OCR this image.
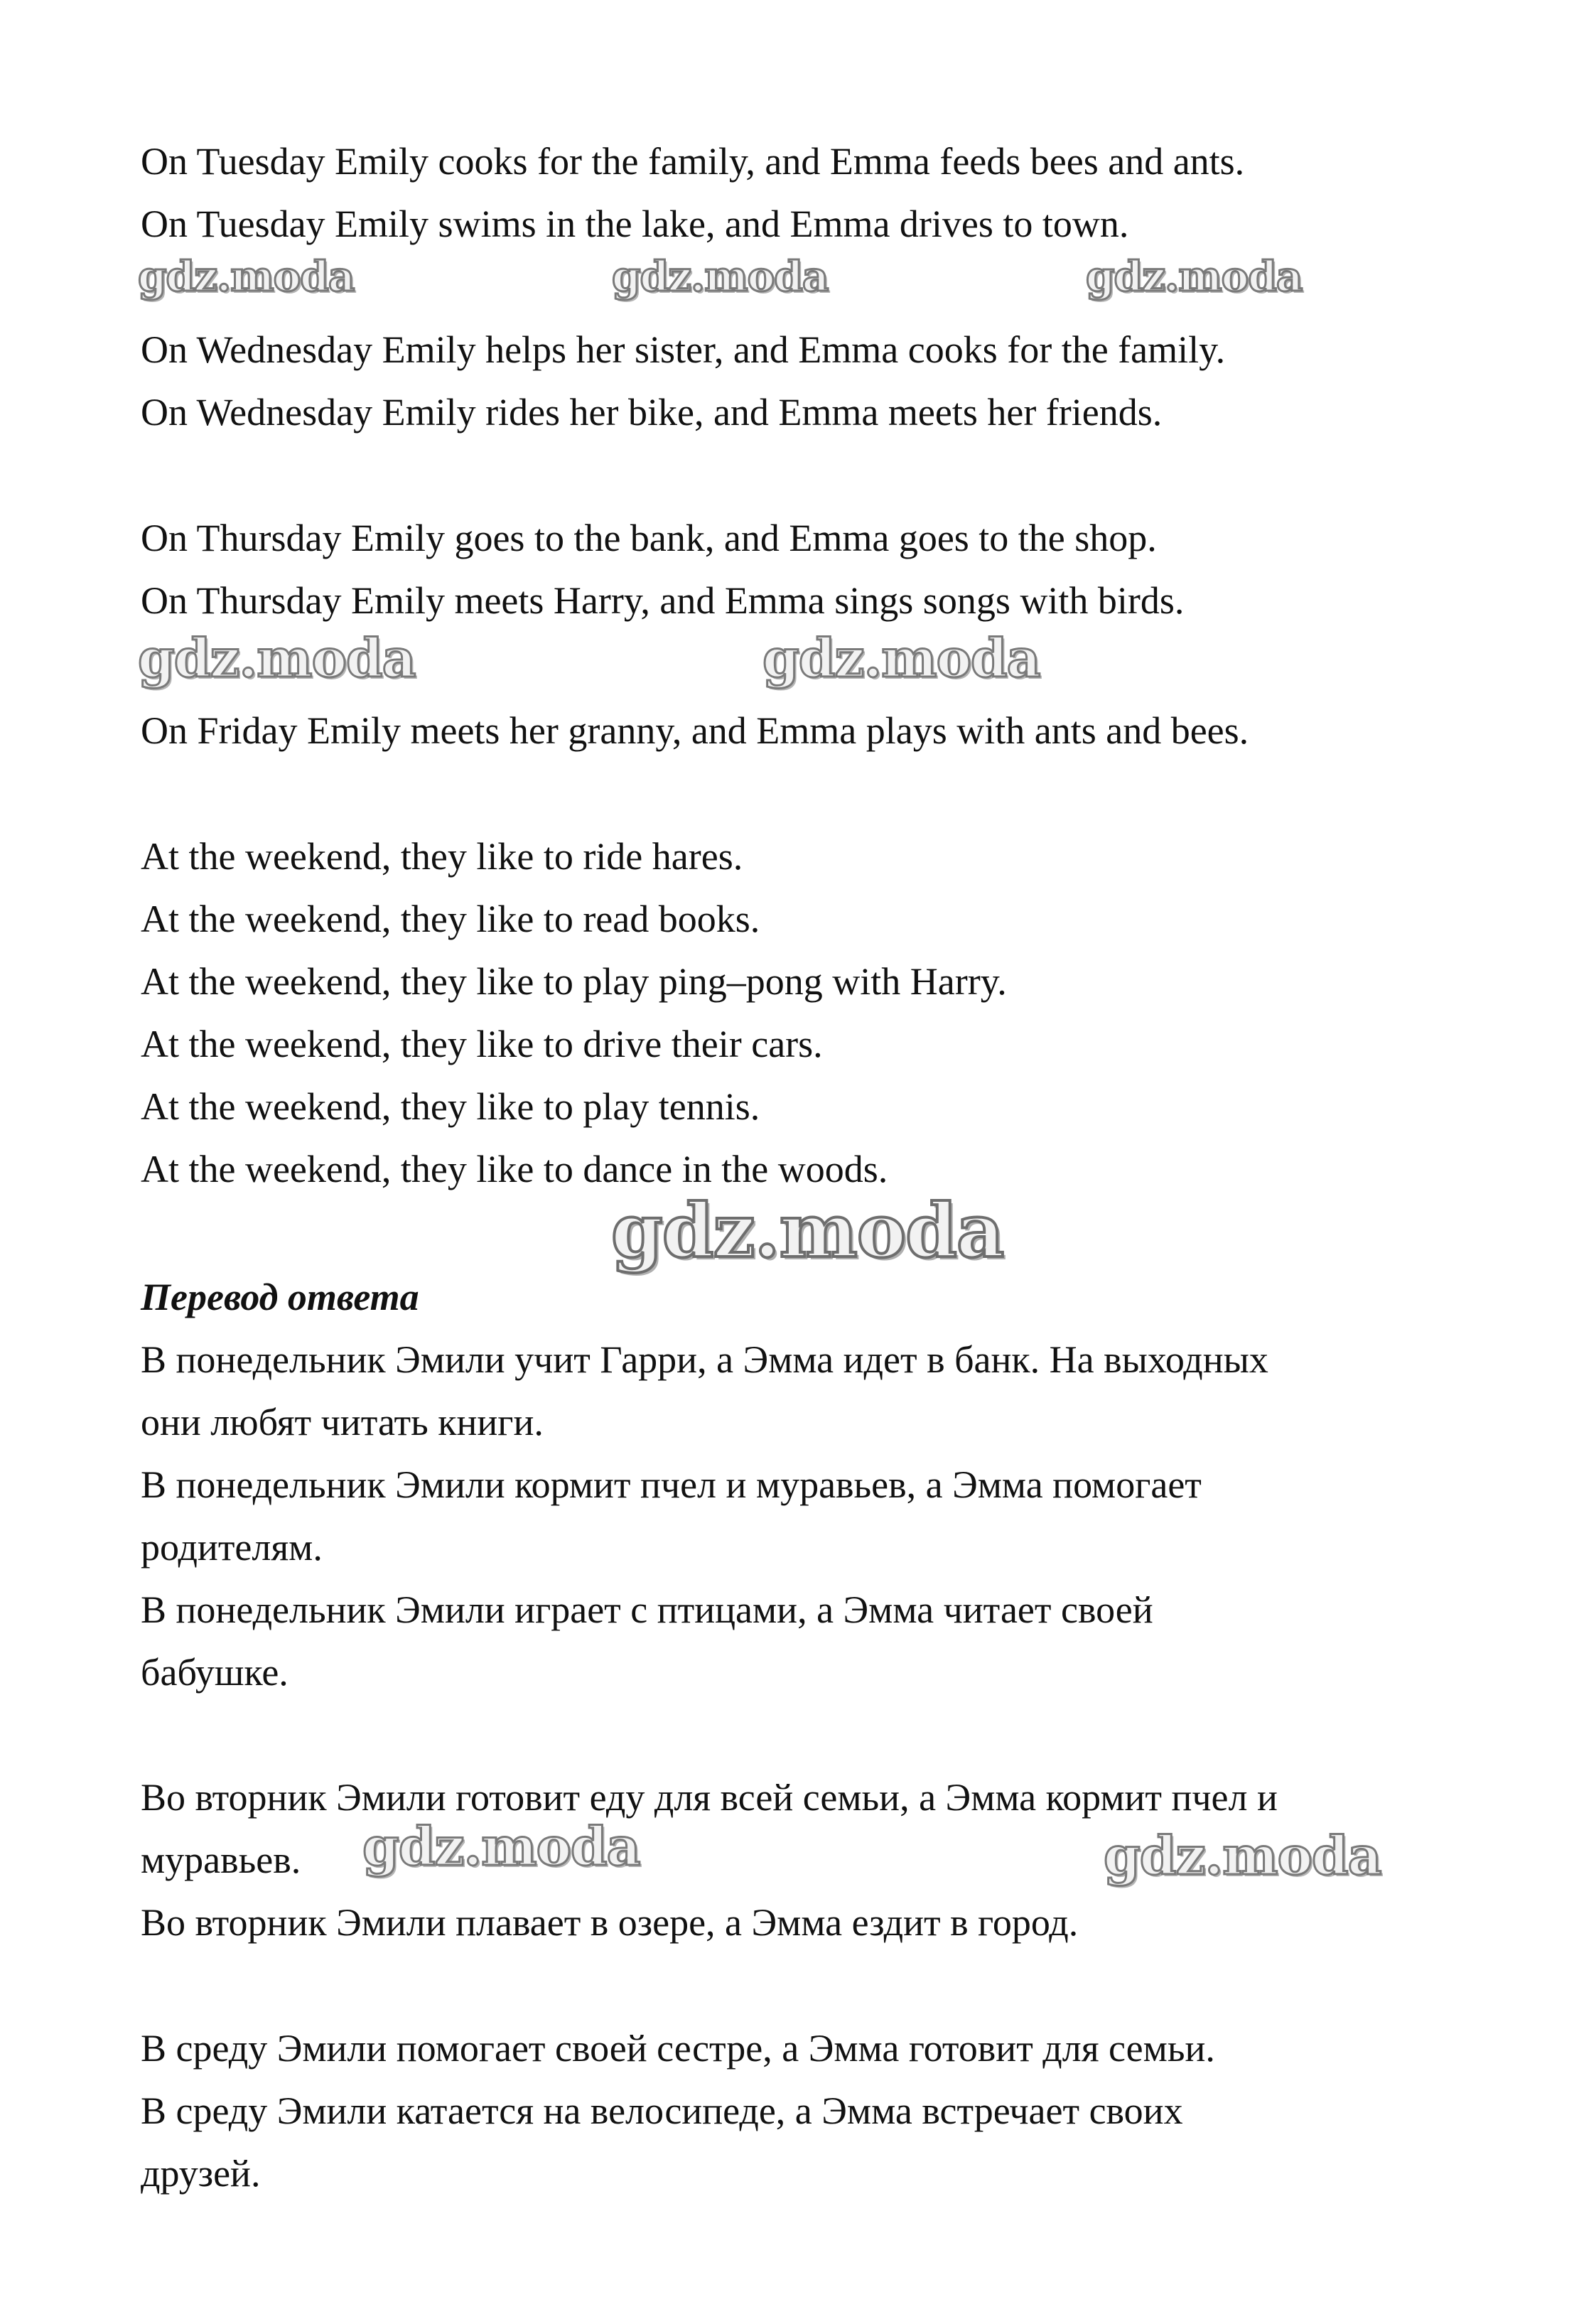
On Tuesday Emily cooks for the family, and Emma feeds bees and ants.

On Tuesday Emily swims in the lake, and Emma drives to town.

gdz.moda	gdz.moda	gdz.moda

On Wednesday Emily helps her sister, and Emma cooks for the family.

On Wednesday Emily rides her bike, and Emma meets her friends.

On Thursday Emily goes to the bank, and Emma goes to the shop.

On Thursday Emily meets Harry, and Emma sings songs with birds.

gdz.moda	gdz.moda

On Friday Emily meets her granny, and Emma plays with ants and bees.

At the weekend, they like to ride hares.

At the weekend, they like to read books.

At the weekend, they like to play ping–pong with Harry.

At the weekend, they like to drive their cars.

At the weekend, they like to play tennis.

At the weekend, they like to dance in the woods.

gdz.moda

Перевод ответа

В понедельник Эмили учит Гарри, а Эмма идет в банк. На выходных

они любят читать книги.

В понедельник Эмили кормит пчел и муравьев, а Эмма помогает

родителям.

В понедельник Эмили играет с птицами, а Эмма читает своей

бабушке.

Во вторник Эмили готовит еду для всей семьи, а Эмма кормит пчел и

муравьев. gdz.moda	gdz.moda

Во вторник Эмили плавает в озере, а Эмма ездит в город.

В среду Эмили помогает своей сестре, а Эмма готовит для семьи.

В среду Эмили катается на велосипеде, а Эмма встречает своих

друзей.
